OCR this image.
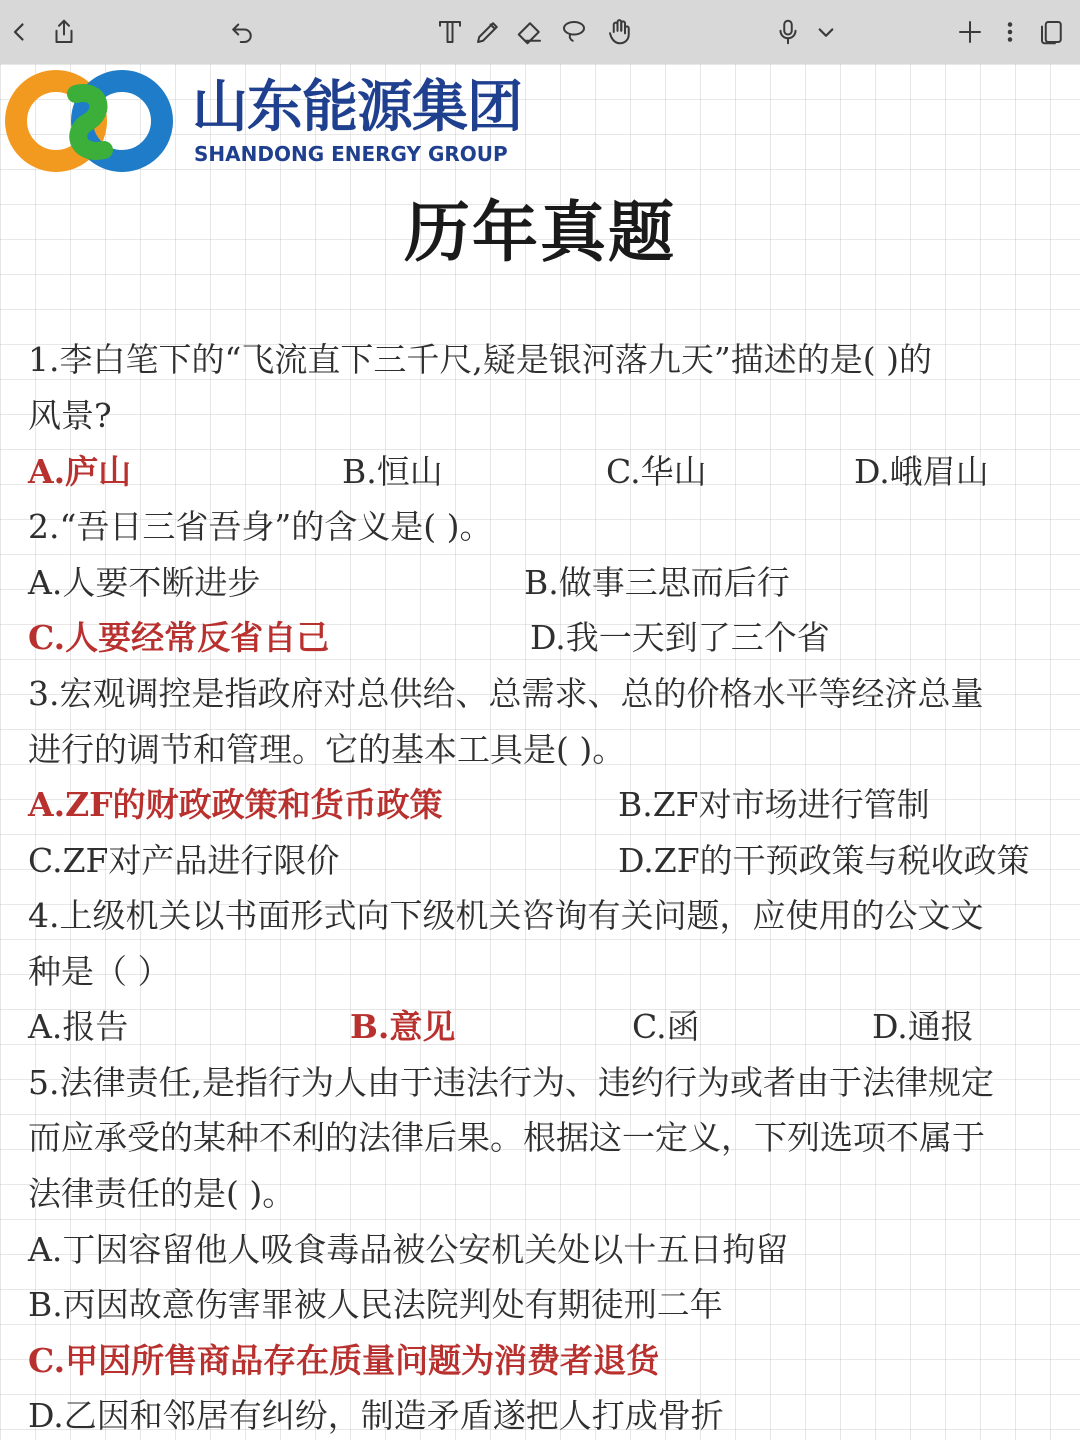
山东能源集团
SHANDONG ENERGY GROUP
历年真题
1.李白笔下的“飞流直下三千尺,疑是银河落九天”描述的是( )的
风景?
A.庐山	B.恒山	C.华山	D.峨眉山
2.“吾日三省吾身”的含义是( )。
A.人要不断进步	B.做事三思而后行
C.人要经常反省自己	D.我一天到了三个省
3.宏观调控是指政府对总供给、总需求、总的价格水平等经济总量
进行的调节和管理。它的基本工具是( )。
A.ZF的财政政策和货币政策	B.ZF对市场进行管制
C.ZF对产品进行限价	D.ZF的干预政策与税收政策
4.上级机关以书面形式向下级机关咨询有关问题，应使用的公文文
种是（ ）
A.报告	B.意见	C.函	D.通报
5.法律责任,是指行为人由于违法行为、违约行为或者由于法律规定
而应承受的某种不利的法律后果。根据这一定义，下列选项不属于
法律责任的是( )。
A.丁因容留他人吸食毒品被公安机关处以十五日拘留
B.丙因故意伤害罪被人民法院判处有期徒刑二年
C.甲因所售商品存在质量问题为消费者退货
D.乙因和邻居有纠纷，制造矛盾遂把人打成骨折
